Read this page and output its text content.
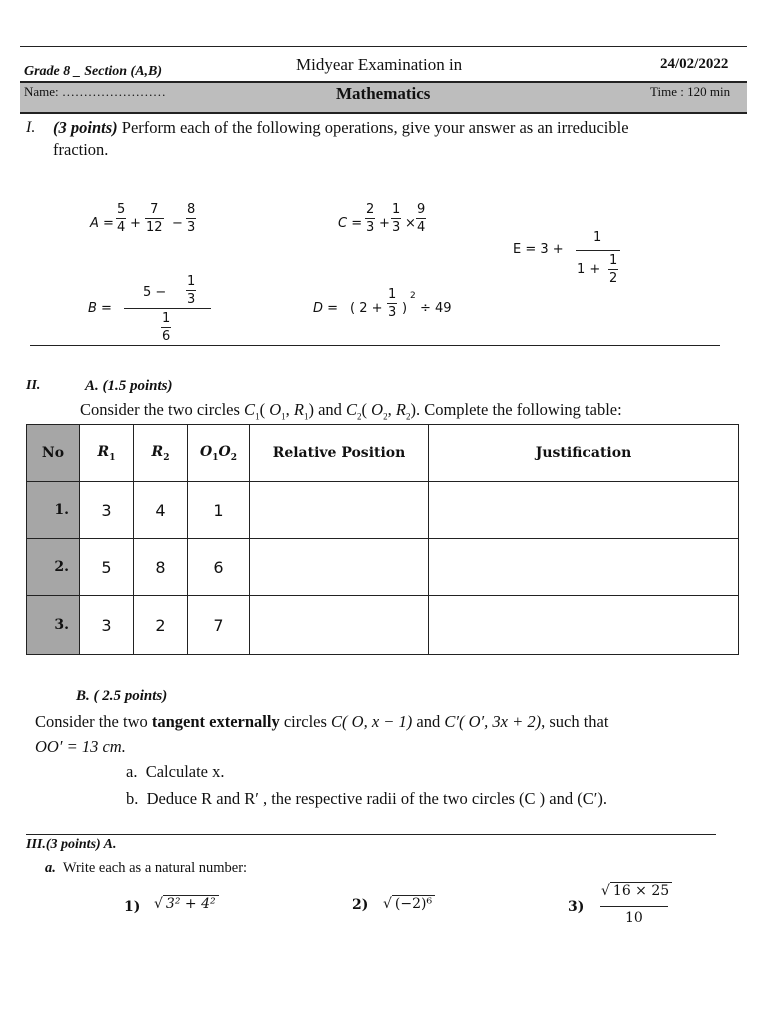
Grade 8 _ Section (A,B)	Midyear Examination in	24/02/2022
Name: ……………………	Mathematics	Time : 120 min
I. (3 points) Perform each of the following operations, give your answer as an irreducible
fraction.
A =
5
4 +
7
12 −
8
3	C =
2
3 +
1
3 ×
9
4
E = 3 +
1
1 +
1
2
B =
5 −
1
3
1
6
D = ( 2 +
1
3 )
2
÷ 49
II.	A. (1.5 points)
Consider the two circles $C_1$( $O_1$, $R_1$) and $C_2$( $O_2$, $R_2$). Complete the following table:
No	$R_1$	$R_2$	$O_1O_2$	Relative Position	Justification
1.	3	4	1		
2.	5	8	6		
3.	3	2	7		
B. ( 2.5 points)
Consider the two tangent externally circles C( O, x − 1) and C′( O′, 3x + 2), such that
OO′ = 13 cm.
a. Calculate x.
b. Deduce R and R′ , the respective radii of the two circles (C ) and (C′).
III.(3 points) A.
a. Write each as a natural number:
1) √ 3² + 4²	2) √ (−2)⁶	3)
√ 16 × 25
10
